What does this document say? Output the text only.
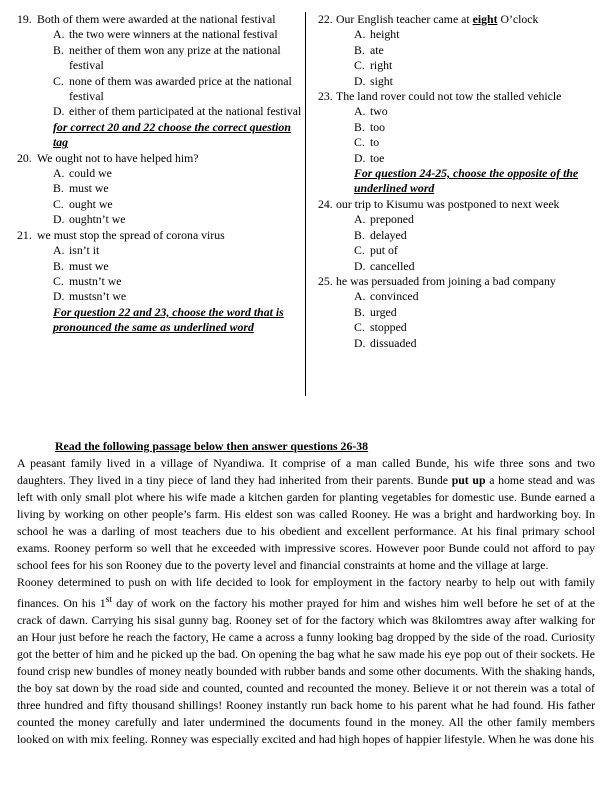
19. Both of them were awarded at the national festival
A. the two were winners at the national festival
B. neither of them won any prize at the national festival
C. none of them was awarded price at the national festival
D. either of them participated at the national festival
for correct 20 and 22 choose the correct question tag
20. We ought not to have helped him?
A. could we
B. must we
C. ought we
D. oughtn’t we
21. we must stop the spread of corona virus
A. isn’t it
B. must we
C. mustn’t we
D. mustsn’t we
For question 22 and 23, choose the word that is pronounced the same as underlined word
22. Our English teacher came at eight O’clock
A. height
B. ate
C. right
D. sight
23. The land rover could not tow the stalled vehicle
A. two
B. too
C. to
D. toe
For question 24-25, choose the opposite of the underlined word
24. our trip to Kisumu was postponed to next week
A. preponed
B. delayed
C. put of
D. cancelled
25. he was persuaded from joining a bad company
A. convinced
B. urged
C. stopped
D. dissuaded
Read the following passage below then answer questions 26-38

A peasant family lived in a village of Nyandiwa. It comprise of a man called Bunde, his wife three sons and two daughters. They lived in a tiny piece of land they had inherited from their parents. Bunde put up a home stead and was left with only small plot where his wife made a kitchen garden for planting vegetables for domestic use. Bunde earned a living by working on other people’s farm. His eldest son was called Rooney. He was a bright and hardworking boy. In school he was a darling of most teachers due to his obedient and excellent performance. At his final primary school exams. Rooney perform so well that he exceeded with impressive scores. However poor Bunde could not afford to pay school fees for his son Rooney due to the poverty level and financial constraints at home and the village at large.

Rooney determined to push on with life decided to look for employment in the factory nearby to help out with family finances. On his 1st day of work on the factory his mother prayed for him and wishes him well before he set of at the crack of dawn. Carrying his sisal gunny bag. Rooney set of for the factory which was 8kilomtres away after walking for an Hour just before he reach the factory, He came a across a funny looking bag dropped by the side of the road. Curiosity got the better of him and he picked up the bad. On opening the bag what he saw made his eye pop out of their sockets. He found crisp new bundles of money neatly bounded with rubber bands and some other documents. With the shaking hands, the boy sat down by the road side and counted, counted and recounted the money. Believe it or not therein was a total of three hundred and fifty thousand shillings! Rooney instantly run back home to his parent what he had found. His father counted the money carefully and later undermined the documents found in the money. All the other family members looked on with mix feeling. Ronney was especially excited and had high hopes of happier lifestyle. When he was done his
